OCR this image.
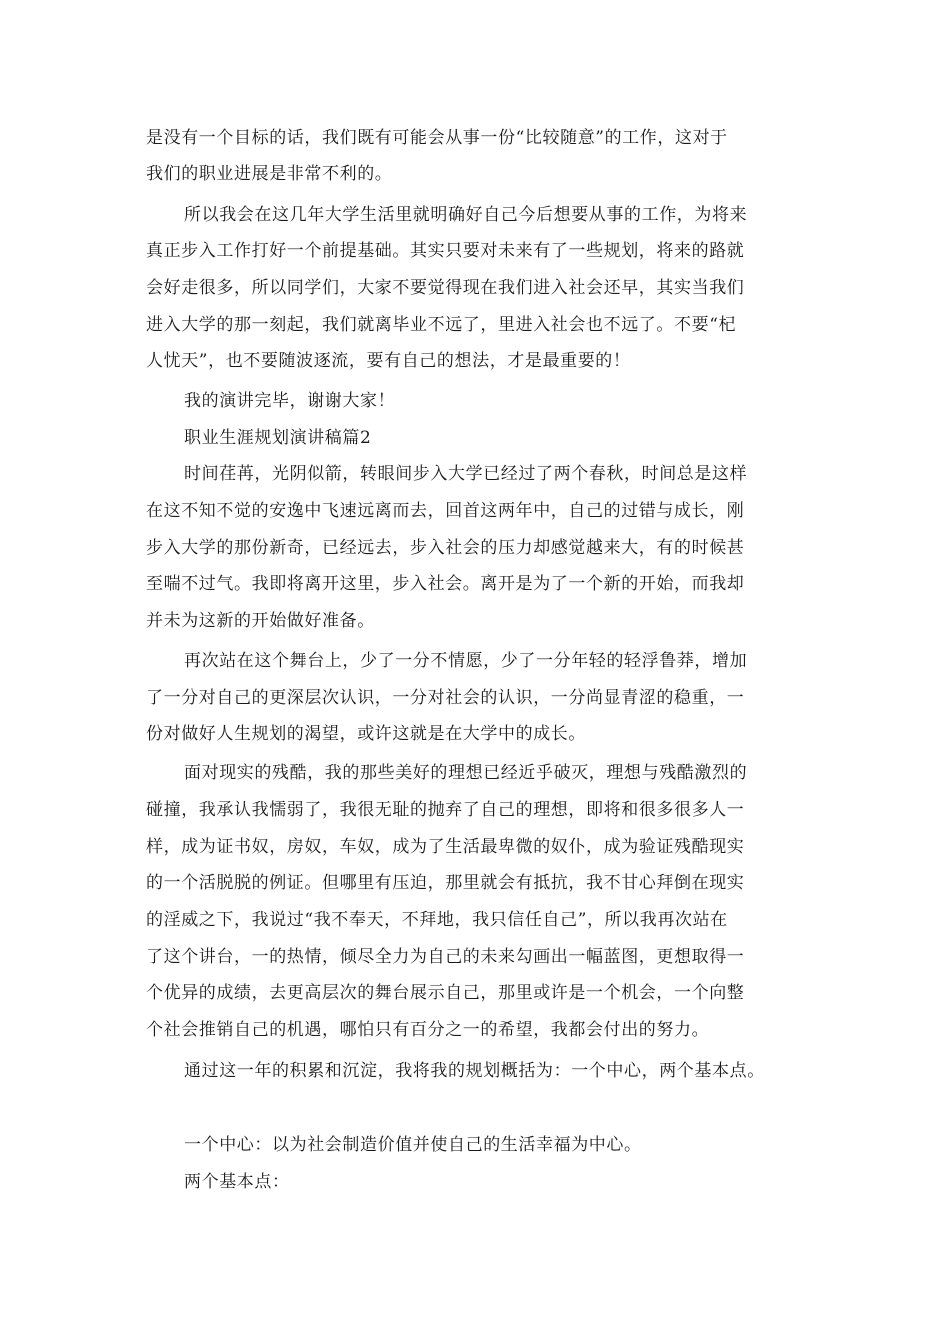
是没有一个目标的话，我们既有可能会从事一份“比较随意”的工作，这对于
我们的职业进展是非常不利的。
所以我会在这几年大学生活里就明确好自己今后想要从事的工作，为将来
真正步入工作打好一个前提基础。其实只要对未来有了一些规划，将来的路就
会好走很多，所以同学们，大家不要觉得现在我们进入社会还早，其实当我们
进入大学的那一刻起，我们就离毕业不远了，里进入社会也不远了。不要“杞
人忧天”，也不要随波逐流，要有自己的想法，才是最重要的！
我的演讲完毕，谢谢大家！
职业生涯规划演讲稿篇2
时间荏苒，光阴似箭，转眼间步入大学已经过了两个春秋，时间总是这样
在这不知不觉的安逸中飞速远离而去，回首这两年中，自己的过错与成长，刚
步入大学的那份新奇，已经远去，步入社会的压力却感觉越来大，有的时候甚
至喘不过气。我即将离开这里，步入社会。离开是为了一个新的开始，而我却
并未为这新的开始做好准备。
再次站在这个舞台上，少了一分不情愿，少了一分年轻的轻浮鲁莽，增加
了一分对自己的更深层次认识，一分对社会的认识，一分尚显青涩的稳重，一
份对做好人生规划的渴望，或许这就是在大学中的成长。
面对现实的残酷，我的那些美好的理想已经近乎破灭，理想与残酷激烈的
碰撞，我承认我懦弱了，我很无耻的抛弃了自己的理想，即将和很多很多人一
样，成为证书奴，房奴，车奴，成为了生活最卑微的奴仆，成为验证残酷现实
的一个活脱脱的例证。但哪里有压迫，那里就会有抵抗，我不甘心拜倒在现实
的淫威之下，我说过“我不奉天，不拜地，我只信任自己”，所以我再次站在
了这个讲台，一的热情，倾尽全力为自己的未来勾画出一幅蓝图，更想取得一
个优异的成绩，去更高层次的舞台展示自己，那里或许是一个机会，一个向整
个社会推销自己的机遇，哪怕只有百分之一的希望，我都会付出的努力。
通过这一年的积累和沉淀，我将我的规划概括为：一个中心，两个基本点。
一个中心：以为社会制造价值并使自己的生活幸福为中心。
两个基本点：
